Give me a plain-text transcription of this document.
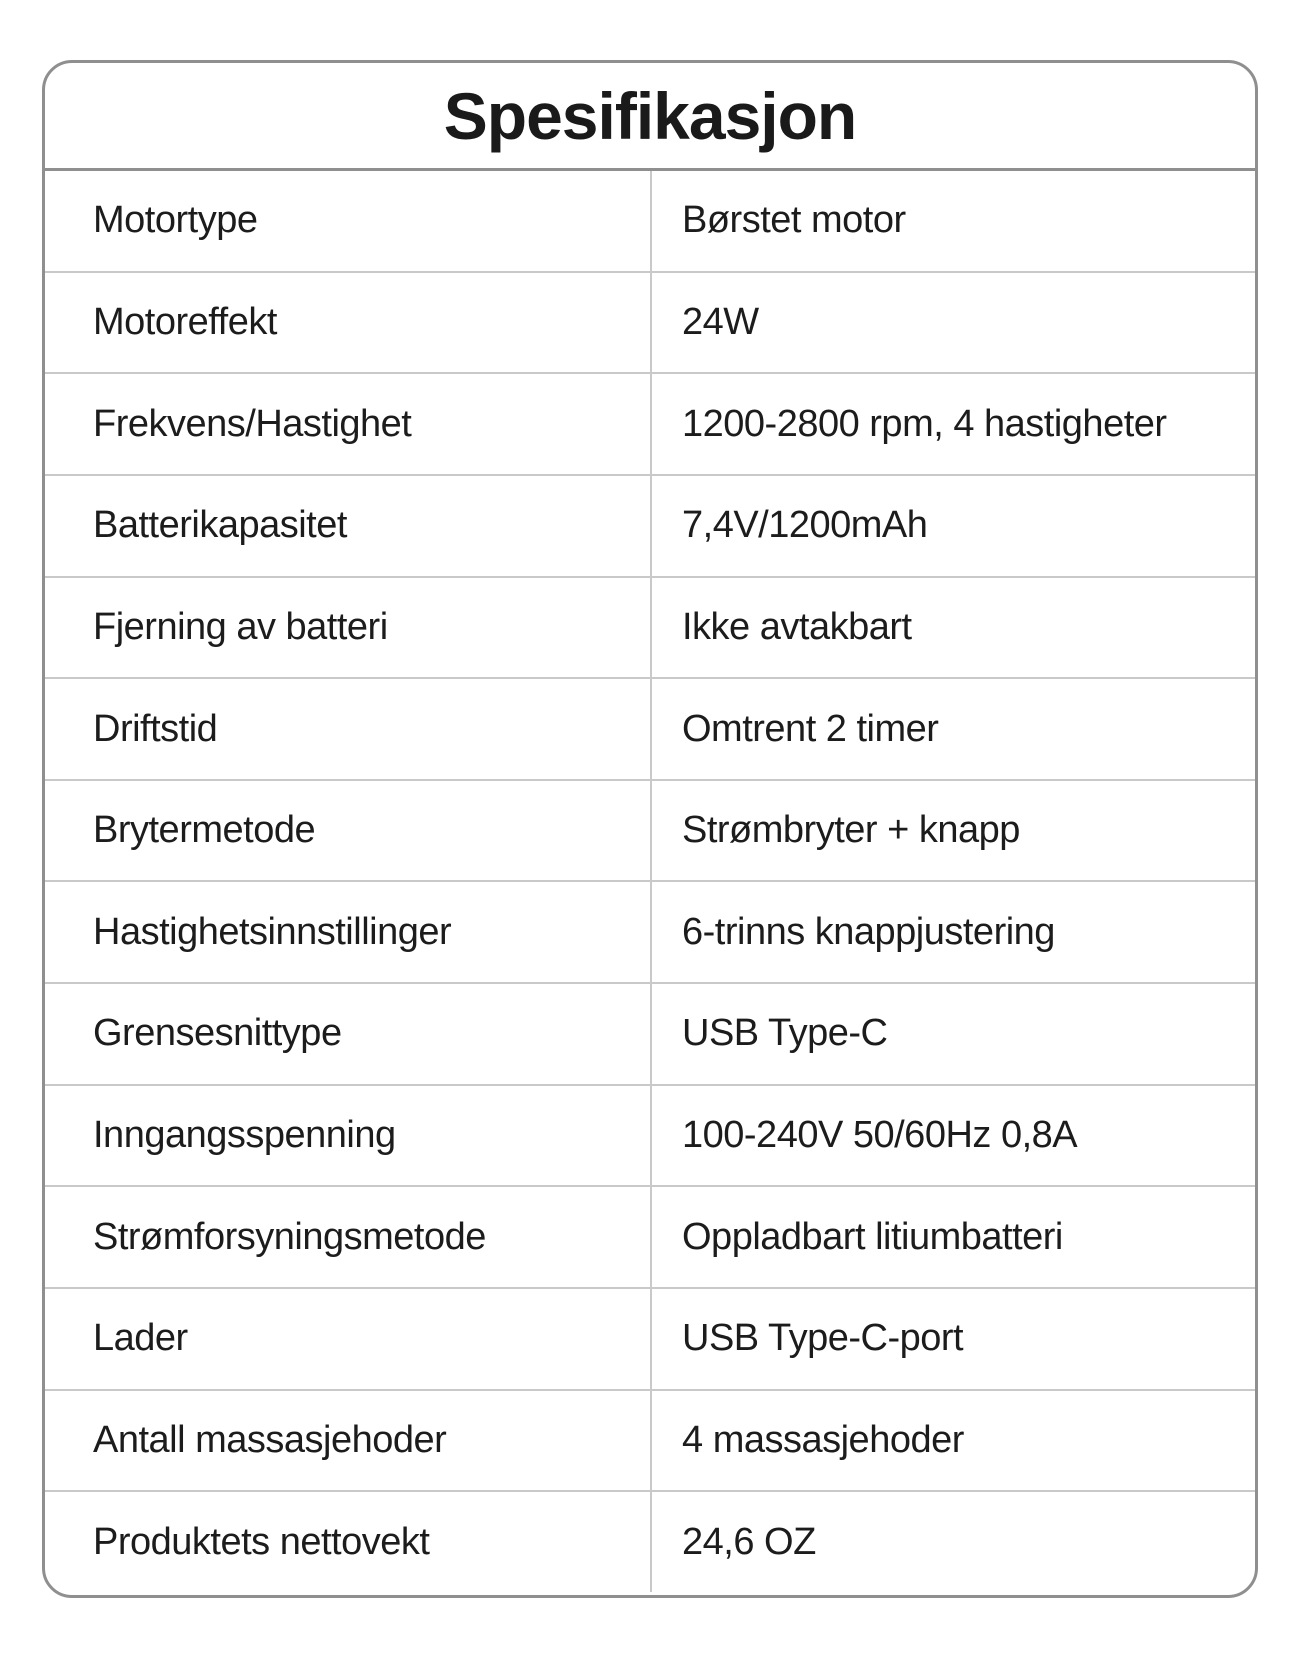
Spesifikasjon
Motortype	Børstet motor
Motoreffekt	24W
Frekvens/Hastighet	1200-2800 rpm, 4 hastigheter
Batterikapasitet	7,4V/1200mAh
Fjerning av batteri	Ikke avtakbart
Driftstid	Omtrent 2 timer
Brytermetode	Strømbryter + knapp
Hastighetsinnstillinger	6-trinns knappjustering
Grensesnittype	USB Type-C
Inngangsspenning	100-240V 50/60Hz 0,8A
Strømforsyningsmetode	Oppladbart litiumbatteri
Lader	USB Type-C-port
Antall massasjehoder	4 massasjehoder
Produktets nettovekt	24,6 OZ
